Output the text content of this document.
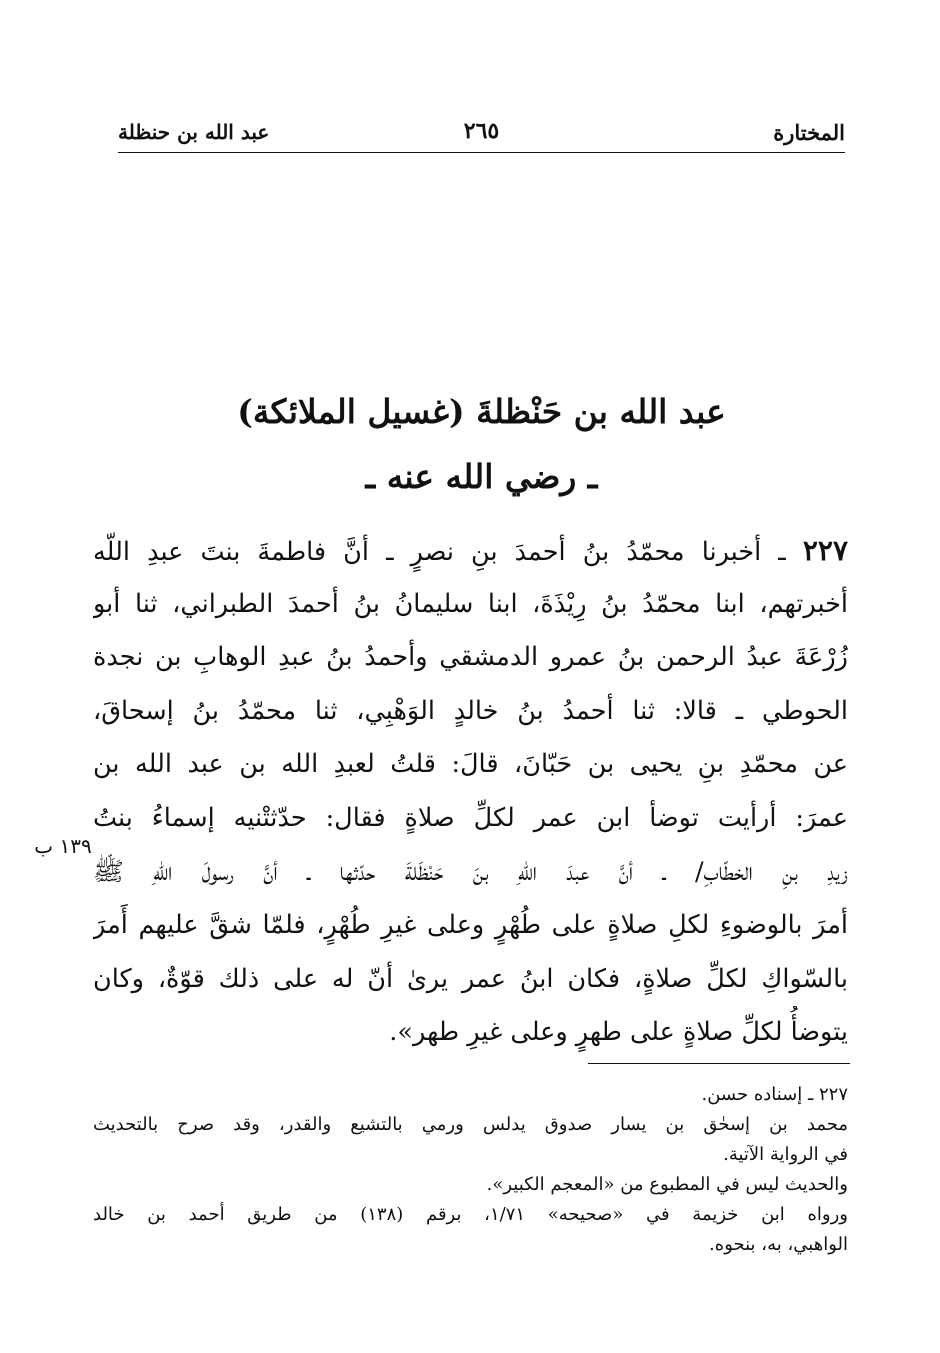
المختارة
٢٦٥
عبد الله بن حنظلة
عبد الله بن حَنْظلةَ (غسيل الملائكة)
ـ رضي الله عنه ـ
٢٢٧ ـ أخبرنا محمّدُ بنُ أحمدَ بنِ نصرٍ ـ أنَّ فاطمةَ بنتَ عبدِ اللّه
أخبرتهم، ابنا محمّدُ بنُ رِيْذَةَ، ابنا سليمانُ بنُ أحمدَ الطبراني، ثنا أبو
زُرْعَةَ عبدُ الرحمن بنُ عمرو الدمشقي وأحمدُ بنُ عبدِ الوهابِ بن نجدة
الحوطي ـ قالا: ثنا أحمدُ بنُ خالدٍ الوَهْبِي، ثنا محمّدُ بنُ إسحاقَ،
عن محمّدِ بنِ يحيى بن حَبّانَ، قالَ: قلتُ لعبدِ الله بن عبد الله بن
عمرَ: أرأيت توضأ ابن عمر لكلِّ صلاةٍ فقال: حدّثتْنيه إسماءُ بنتُ
زيدِ بنِ الخطّابِ/ ـ أنَّ عبدَ اللّهِ بنَ حَنْظَلةَ حدّثها ـ أنَّ رسولَ اللّهِ ﷺ
أمرَ بالوضوءِ لكلِ صلاةٍ على طُهْرٍ وعلى غيرِ طُهْرٍ، فلمّا شقَّ عليهم أَمرَ
بالسّواكِ لكلِّ صلاةٍ، فكان ابنُ عمر يرىٰ أنّ له على ذلك قوّةٌ، وكان
يتوضأُ لكلِّ صلاةٍ على طهرٍ وعلى غيرِ طهر».
١٣٩ ب
٢٢٧ ـ إسناده حسن.
محمد بن إسحٰق بن يسار صدوق يدلس ورمي بالتشيع والقدر، وقد صرح بالتحديث
في الرواية الآتية.
والحديث ليس في المطبوع من «المعجم الكبير».
ورواه ابن خزيمة في «صحيحه» ١/٧١، برقم (١٣٨) من طريق أحمد بن خالد
الواهبي، به، بنحوه.
